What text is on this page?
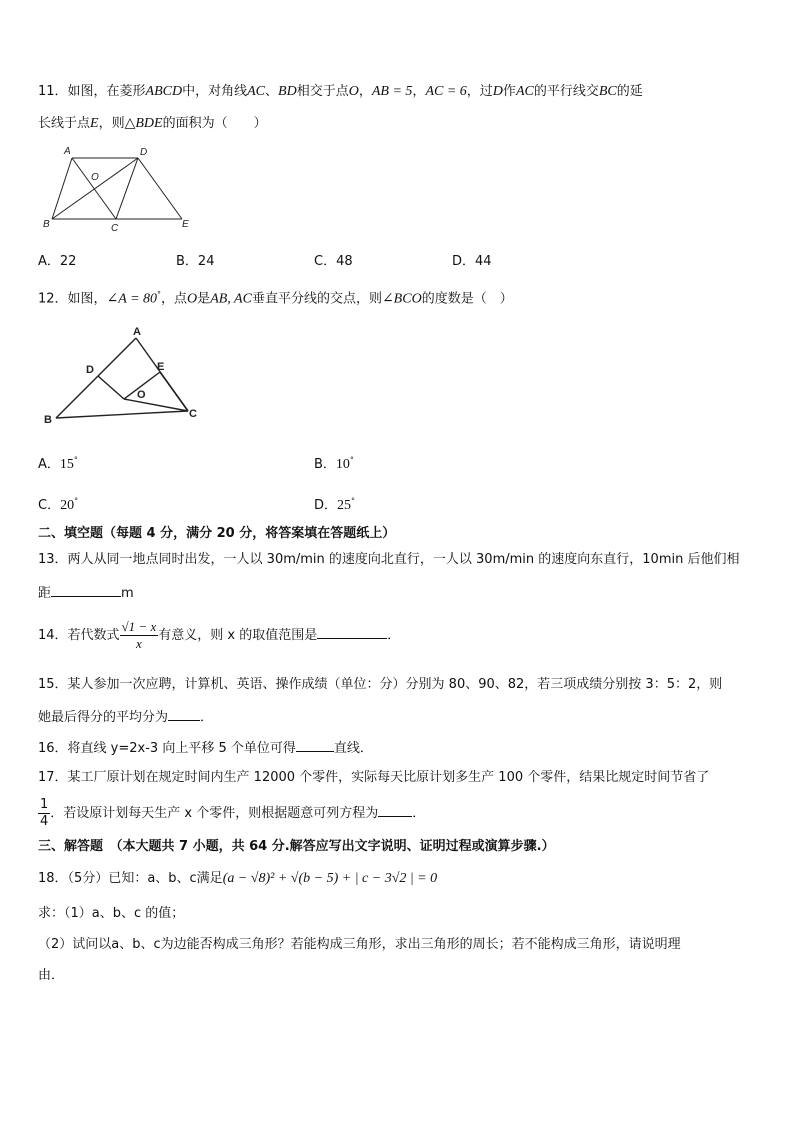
11．如图，在菱形ABCD中，对角线AC、BD相交于点O，AB = 5，AC = 6，过D作AC的平行线交BC的延
长线于点E，则△BDE的面积为（　　）
A	D
O
B	C	E
A．22	B．24	C．48	D．44
12．如图，∠A = 80°，点O是AB, AC垂直平分线的交点，则∠BCO的度数是（　）
A
D	E
O
B	C
A．15°	B．10°
C．20°	D．25°
二、填空题（每题 4 分，满分 20 分，将答案填在答题纸上）
13．两人从同一地点同时出发，一人以 30m/min 的速度向北直行，一人以 30m/min 的速度向东直行，10min 后他们相
距	m
14．若代数式 $\frac{√1 - x}{x}$ 有意义，则 x 的取值范围是	．
15．某人参加一次应聘，计算机、英语、操作成绩（单位：分）分别为 80、90、82，若三项成绩分别按 3：5：2，则
她最后得分的平均分为 ．
16．将直线 y=2x-3 向上平移 5 个单位可得	直线．
17．某工厂原计划在规定时间内生产 12000 个零件，实际每天比原计划多生产 100 个零件，结果比规定时间节省了
$\frac{1}{4}$ ．若设原计划每天生产 x 个零件，则根据题意可列方程为	．
三、解答题　（本大题共 7 小题，共 64 分.解答应写出文字说明、证明过程或演算步骤.）
18．（5分）已知：a、b、c满足(a − √8)² + √(b − 5) + | c − 3√2 | = 0
求：（1）a、b、c 的值；
（2）试问以a、b、c为边能否构成三角形？若能构成三角形，求出三角形的周长；若不能构成三角形，请说明理
由．
